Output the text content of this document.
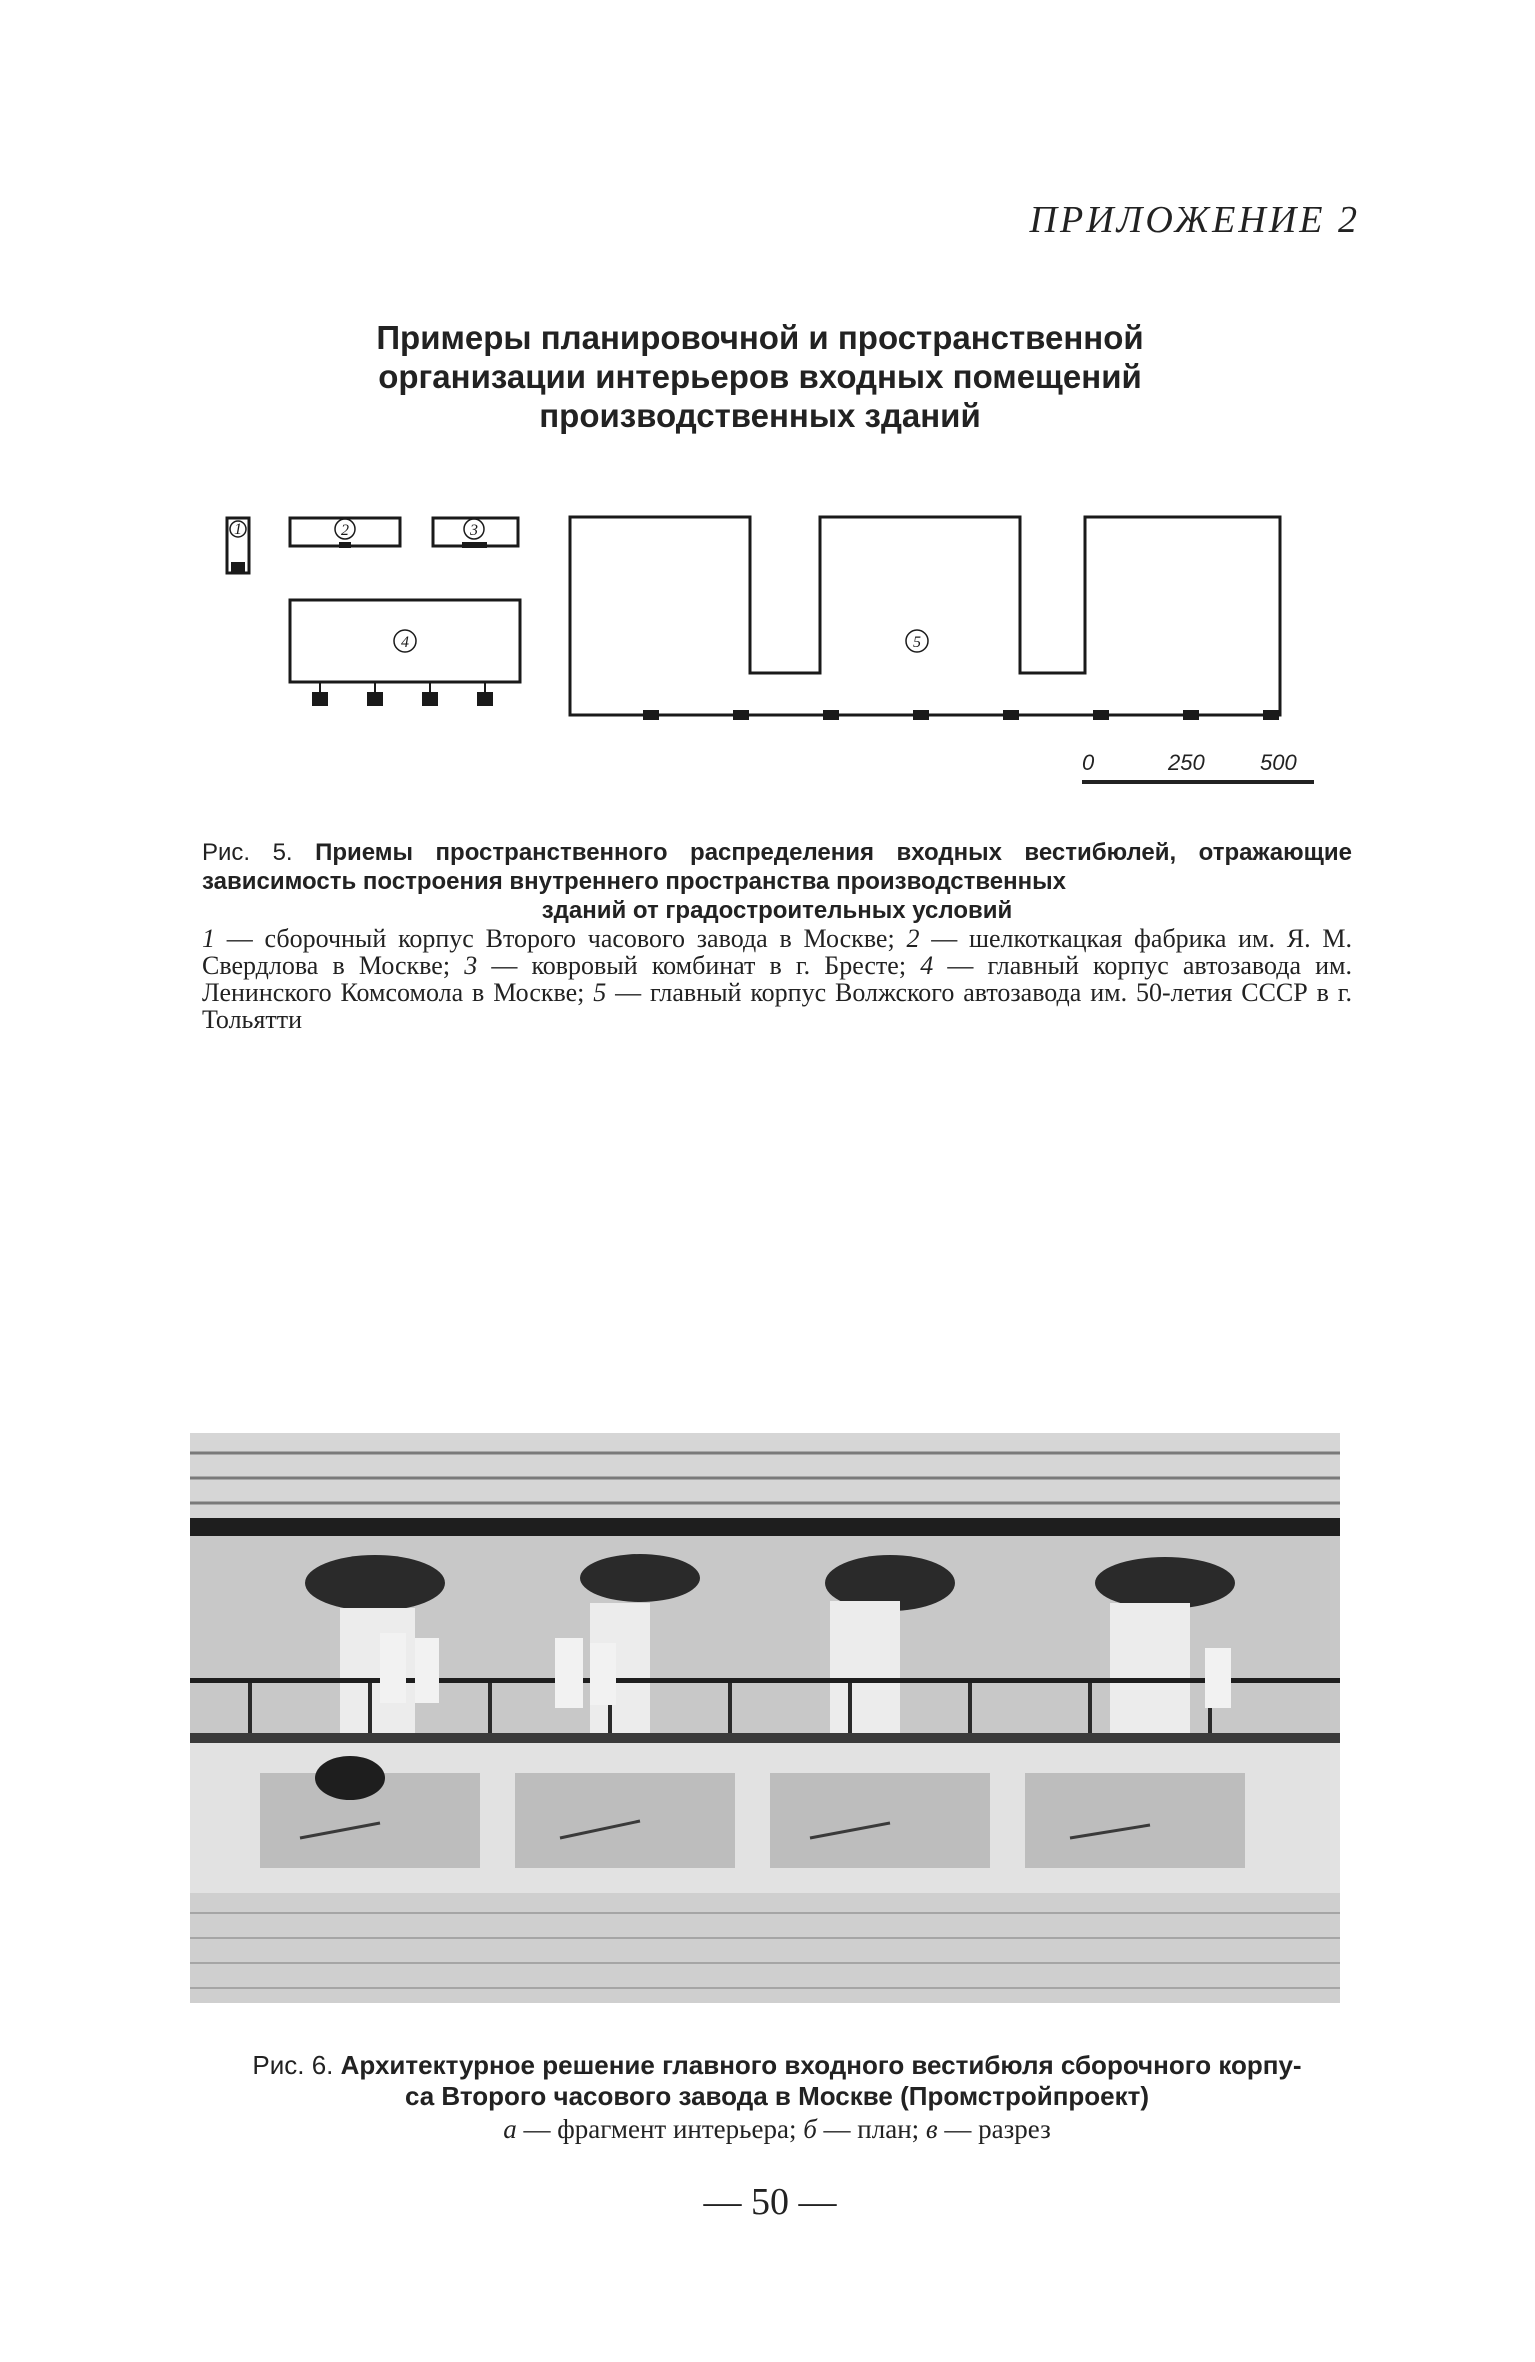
ПРИЛОЖЕНИЕ 2
Примеры планировочной и пространственной
организации интерьеров входных помещений
производственных зданий
1	2	3
4	5
0	250	500
Рис. 5. Приемы пространственного распределения входных вестибюлей, отражающие зависимость построения внутреннего пространства производственных
зданий от градостроительных условий
1 — сборочный корпус Второго часового завода в Москве; 2 — шелкоткацкая фабрика им. Я. М. Свердлова в Москве; 3 — ковровый комбинат в г. Бресте; 4 — главный корпус автозавода им. Ленинского Комсомола в Москве; 5 — главный корпус Волжского автозавода им. 50-летия СССР в г. Тольятти
Рис. 6. Архитектурное решение главного входного вестибюля сборочного корпу-
са Второго часового завода в Москве (Промстройпроект)
а — фрагмент интерьера; б — план; в — разрез
— 50 —
